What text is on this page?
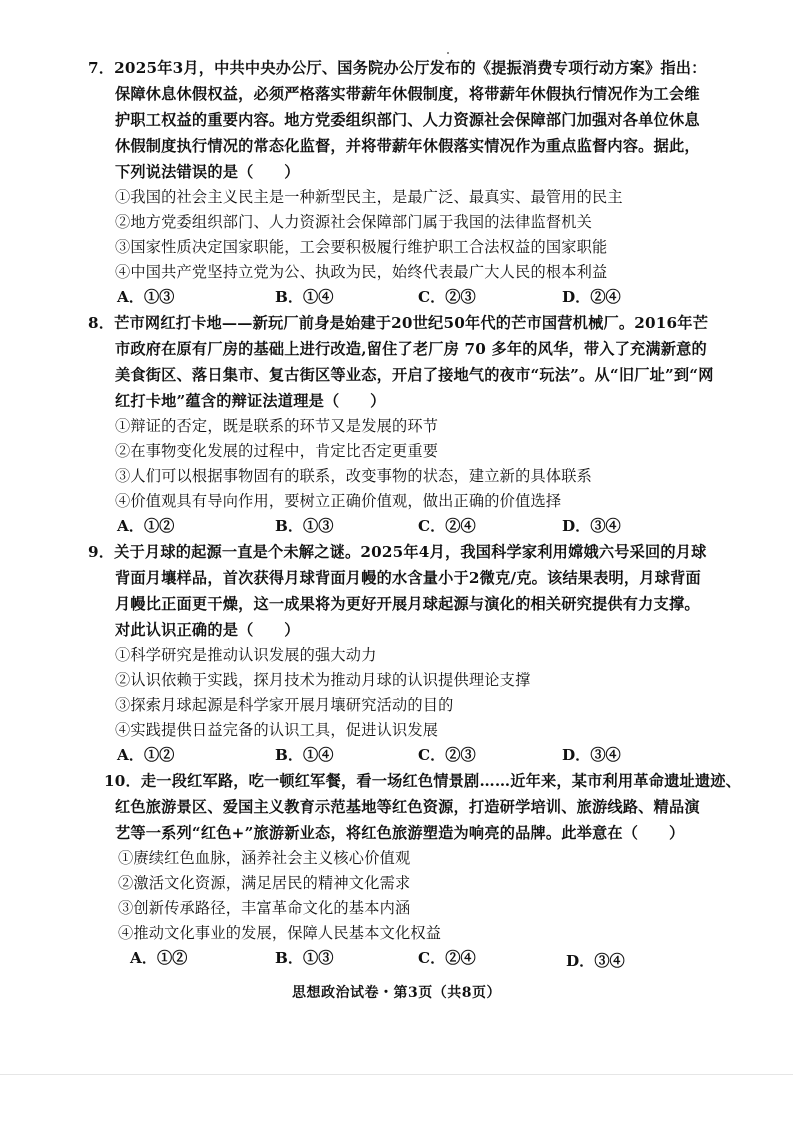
7．2025年3月，中共中央办公厅、国务院办公厅发布的《提振消费专项行动方案》指出：
保障休息休假权益，必须严格落实带薪年休假制度，将带薪年休假执行情况作为工会维
护职工权益的重要内容。地方党委组织部门、人力资源社会保障部门加强对各单位休息
休假制度执行情况的常态化监督，并将带薪年休假落实情况作为重点监督内容。据此，
下列说法错误的是（　　）
①我国的社会主义民主是一种新型民主，是最广泛、最真实、最管用的民主
②地方党委组织部门、人力资源社会保障部门属于我国的法律监督机关
③国家性质决定国家职能，工会要积极履行维护职工合法权益的国家职能
④中国共产党坚持立党为公、执政为民，始终代表最广大人民的根本利益
A．①③	B．①④	C．②③	D．②④
8．芒市网红打卡地——新玩厂前身是始建于20世纪50年代的芒市国营机械厂。2016年芒
市政府在原有厂房的基础上进行改造,留住了老厂房 70 多年的风华，带入了充满新意的
美食街区、落日集市、复古街区等业态，开启了接地气的夜市“玩法”。从“旧厂址”到“网
红打卡地”蕴含的辩证法道理是（　　）
①辩证的否定，既是联系的环节又是发展的环节
②在事物变化发展的过程中，肯定比否定更重要
③人们可以根据事物固有的联系，改变事物的状态，建立新的具体联系
④价值观具有导向作用，要树立正确价值观，做出正确的价值选择
A．①②	B．①③	C．②④	D．③④
9．关于月球的起源一直是个未解之谜。2025年4月，我国科学家利用嫦娥六号采回的月球
背面月壤样品，首次获得月球背面月幔的水含量小于2微克/克。该结果表明，月球背面
月幔比正面更干燥，这一成果将为更好开展月球起源与演化的相关研究提供有力支撑。
对此认识正确的是（　　）
①科学研究是推动认识发展的强大动力
②认识依赖于实践，探月技术为推动月球的认识提供理论支撑
③探索月球起源是科学家开展月壤研究活动的目的
④实践提供日益完备的认识工具，促进认识发展
A．①②	B．①④	C．②③	D．③④
10．走一段红军路，吃一顿红军餐，看一场红色情景剧……近年来，某市利用革命遗址遗迹、
红色旅游景区、爱国主义教育示范基地等红色资源，打造研学培训、旅游线路、精品演
艺等一系列“红色+”旅游新业态，将红色旅游塑造为响亮的品牌。此举意在（　　）
①赓续红色血脉，涵养社会主义核心价值观
②激活文化资源，满足居民的精神文化需求
③创新传承路径，丰富革命文化的基本内涵
④推动文化事业的发展，保障人民基本文化权益
A．①②	B．①③	C．②④	D．③④
思想政治试卷・第3页（共8页）
